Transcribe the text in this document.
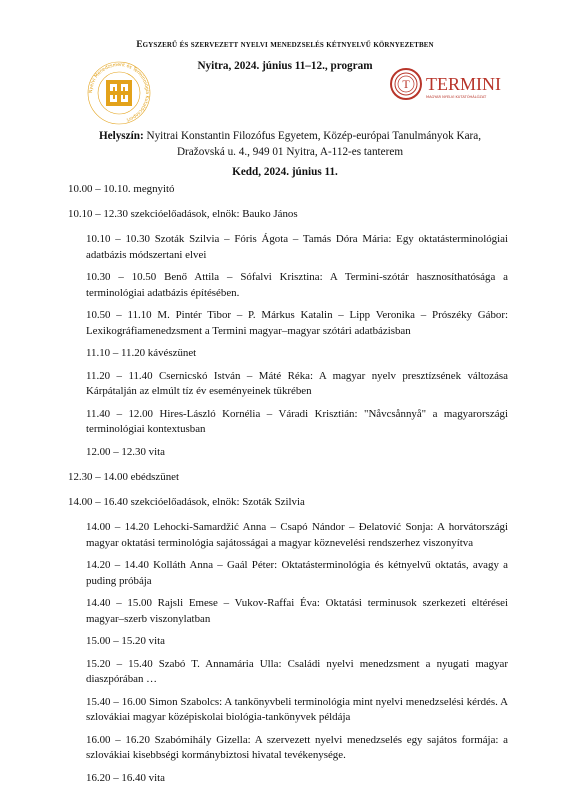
Egyszerű és szervezett nyelvi menedzselés kétnyelvű környezetben
Nyitra, 2024. június 11–12., program
Nyelvi Menedzsment és Terminológia Kutatócsoport
T TERMINI
MAGYAR NYELVI KUTATÓHÁLÓZAT
Helyszín: Nyitrai Konstantin Filozófus Egyetem, Közép-európai Tanulmányok Kara,
Dražovská u. 4., 949 01 Nyitra, A-112-es tanterem
Kedd, 2024. június 11.

10.00 – 10.10. megnyitó

10.10 – 12.30 szekcióelőadások, elnök: Bauko János

10.10 – 10.30 Szoták Szilvia – Fóris Ágota – Tamás Dóra Mária: Egy oktatásterminológiai adatbázis módszertani elvei

10.30 – 10.50 Benő Attila – Sófalvi Krisztina: A Termini-szótár hasznosíthatósága a terminológiai adatbázis építésében.

10.50 – 11.10 M. Pintér Tibor – P. Márkus Katalin – Lipp Veronika – Prószéky Gábor: Lexikográfiamenedzsment a Termini magyar–magyar szótári adatbázisban

11.10 – 11.20 kávészünet

11.20 – 11.40 Csernicskó István – Máté Réka: A magyar nyelv presztízsének változása Kárpátalján az elmúlt tíz év eseményeinek tükrében

11.40 – 12.00 Hires-László Kornélia – Váradi Krisztián: "Nåvcsånnyå" a magyarországi terminológiai kontextusban

12.00 – 12.30 vita

12.30 – 14.00 ebédszünet

14.00 – 16.40 szekcióelőadások, elnök: Szoták Szilvia

14.00 – 14.20 Lehocki-Samardžić Anna – Csapó Nándor – Đelatović Sonja: A horvátországi magyar oktatási terminológia sajátosságai a magyar köznevelési rendszerhez viszonyítva

14.20 – 14.40 Kolláth Anna – Gaál Péter: Oktatásterminológia és kétnyelvű oktatás, avagy a puding próbája

14.40 – 15.00 Rajsli Emese – Vukov-Raffai Éva: Oktatási terminusok szerkezeti eltérései magyar–szerb viszonylatban

15.00 – 15.20 vita

15.20 – 15.40 Szabó T. Annamária Ulla: Családi nyelvi menedzsment a nyugati magyar diaszpórában …

15.40 – 16.00 Simon Szabolcs: A tankönyvbeli terminológia mint nyelvi menedzselési kérdés. A szlovákiai magyar középiskolai biológia-tankönyvek példája

16.00 – 16.20 Szabómihály Gizella: A szervezett nyelvi menedzselés egy sajátos formája: a szlovákiai kisebbségi kormánybiztosi hivatal tevékenysége.

16.20 – 16.40 vita
